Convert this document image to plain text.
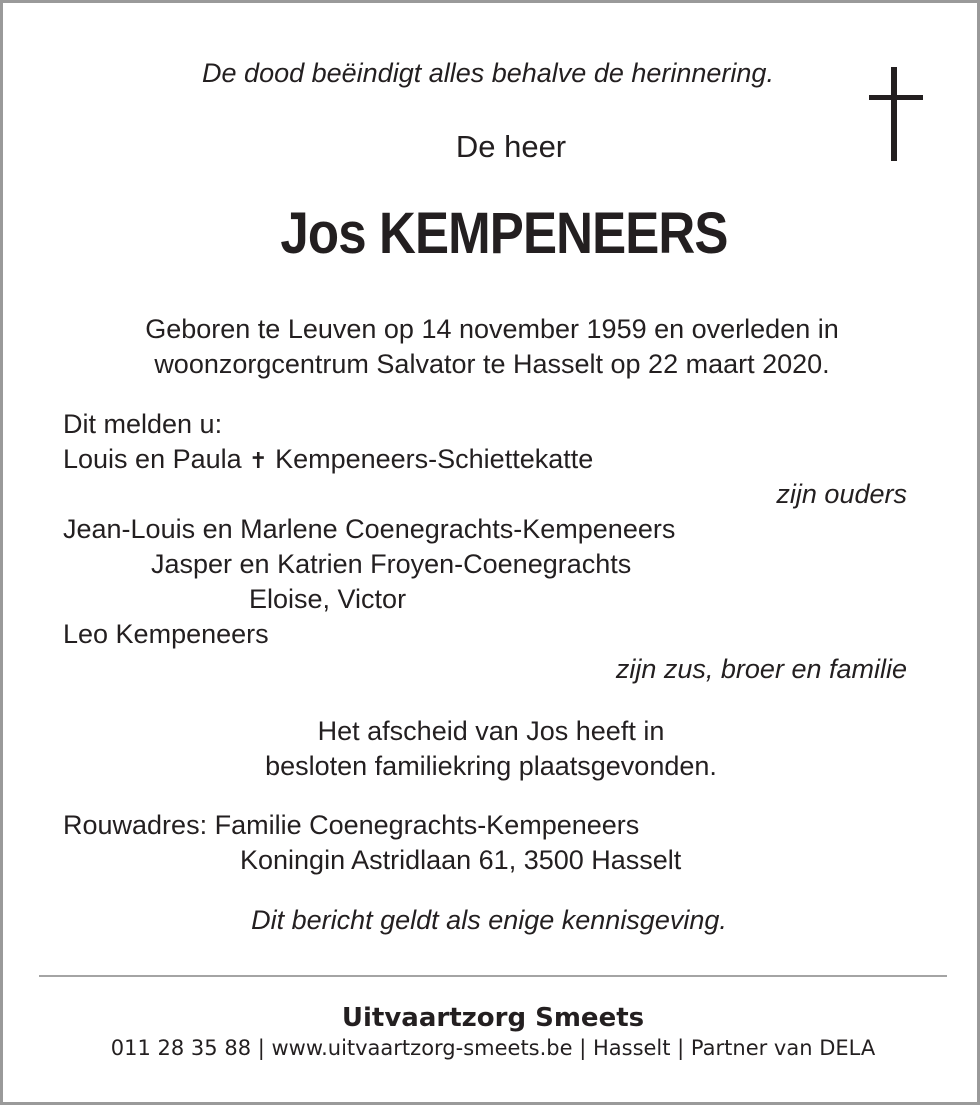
De dood beëindigt alles behalve de herinnering.
De heer
Jos KEMPENEERS
Geboren te Leuven op 14 november 1959 en overleden in
woonzorgcentrum Salvator te Hasselt op 22 maart 2020.
Dit melden u:
Louis en Paula ✝ Kempeneers-Schiettekatte
zijn ouders
Jean-Louis en Marlene Coenegrachts-Kempeneers
Jasper en Katrien Froyen-Coenegrachts
Eloise, Victor
Leo Kempeneers
zijn zus, broer en familie
Het afscheid van Jos heeft in
besloten familiekring plaatsgevonden.
Rouwadres: Familie Coenegrachts-Kempeneers
Koningin Astridlaan 61, 3500 Hasselt
Dit bericht geldt als enige kennisgeving.
Uitvaartzorg Smeets
011 28 35 88 | www.uitvaartzorg-smeets.be | Hasselt | Partner van DELA
